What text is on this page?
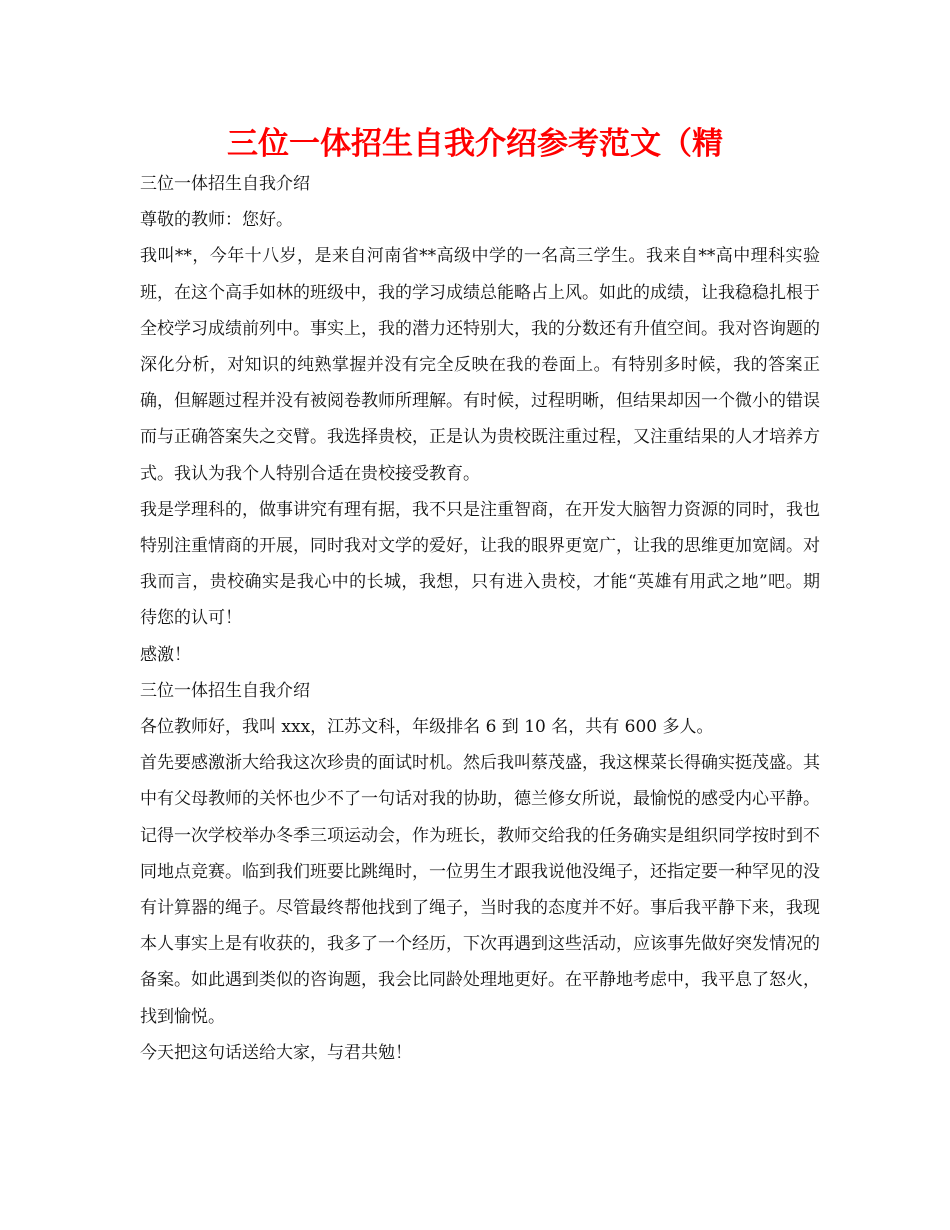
三位一体招生自我介绍参考范文（精

三位一体招生自我介绍

尊敬的教师：您好。

我叫**，今年十八岁，是来自河南省**高级中学的一名高三学生。我来自**高中理科实验班，在这个高手如林的班级中，我的学习成绩总能略占上风。如此的成绩，让我稳稳扎根于全校学习成绩前列中。事实上，我的潜力还特别大，我的分数还有升值空间。我对咨询题的深化分析，对知识的纯熟掌握并没有完全反映在我的卷面上。有特别多时候，我的答案正确，但解题过程并没有被阅卷教师所理解。有时候，过程明晰，但结果却因一个微小的错误而与正确答案失之交臂。我选择贵校，正是认为贵校既注重过程，又注重结果的人才培养方式。我认为我个人特别合适在贵校接受教育。

我是学理科的，做事讲究有理有据，我不只是注重智商，在开发大脑智力资源的同时，我也特别注重情商的开展，同时我对文学的爱好，让我的眼界更宽广，让我的思维更加宽阔。对我而言，贵校确实是我心中的长城，我想，只有进入贵校，才能“英雄有用武之地”吧。期待您的认可！

感激！

三位一体招生自我介绍

各位教师好，我叫 xxx，江苏文科，年级排名 6 到 10 名，共有 600 多人。

首先要感激浙大给我这次珍贵的面试时机。然后我叫蔡茂盛，我这棵菜长得确实挺茂盛。其中有父母教师的关怀也少不了一句话对我的协助，德兰修女所说，最愉悦的感受内心平静。

记得一次学校举办冬季三项运动会，作为班长，教师交给我的任务确实是组织同学按时到不同地点竞赛。临到我们班要比跳绳时，一位男生才跟我说他没绳子，还指定要一种罕见的没有计算器的绳子。尽管最终帮他找到了绳子，当时我的态度并不好。事后我平静下来，我现本人事实上是有收获的，我多了一个经历，下次再遇到这些活动，应该事先做好突发情况的备案。如此遇到类似的咨询题，我会比同龄处理地更好。在平静地考虑中，我平息了怒火，找到愉悦。

今天把这句话送给大家，与君共勉！
